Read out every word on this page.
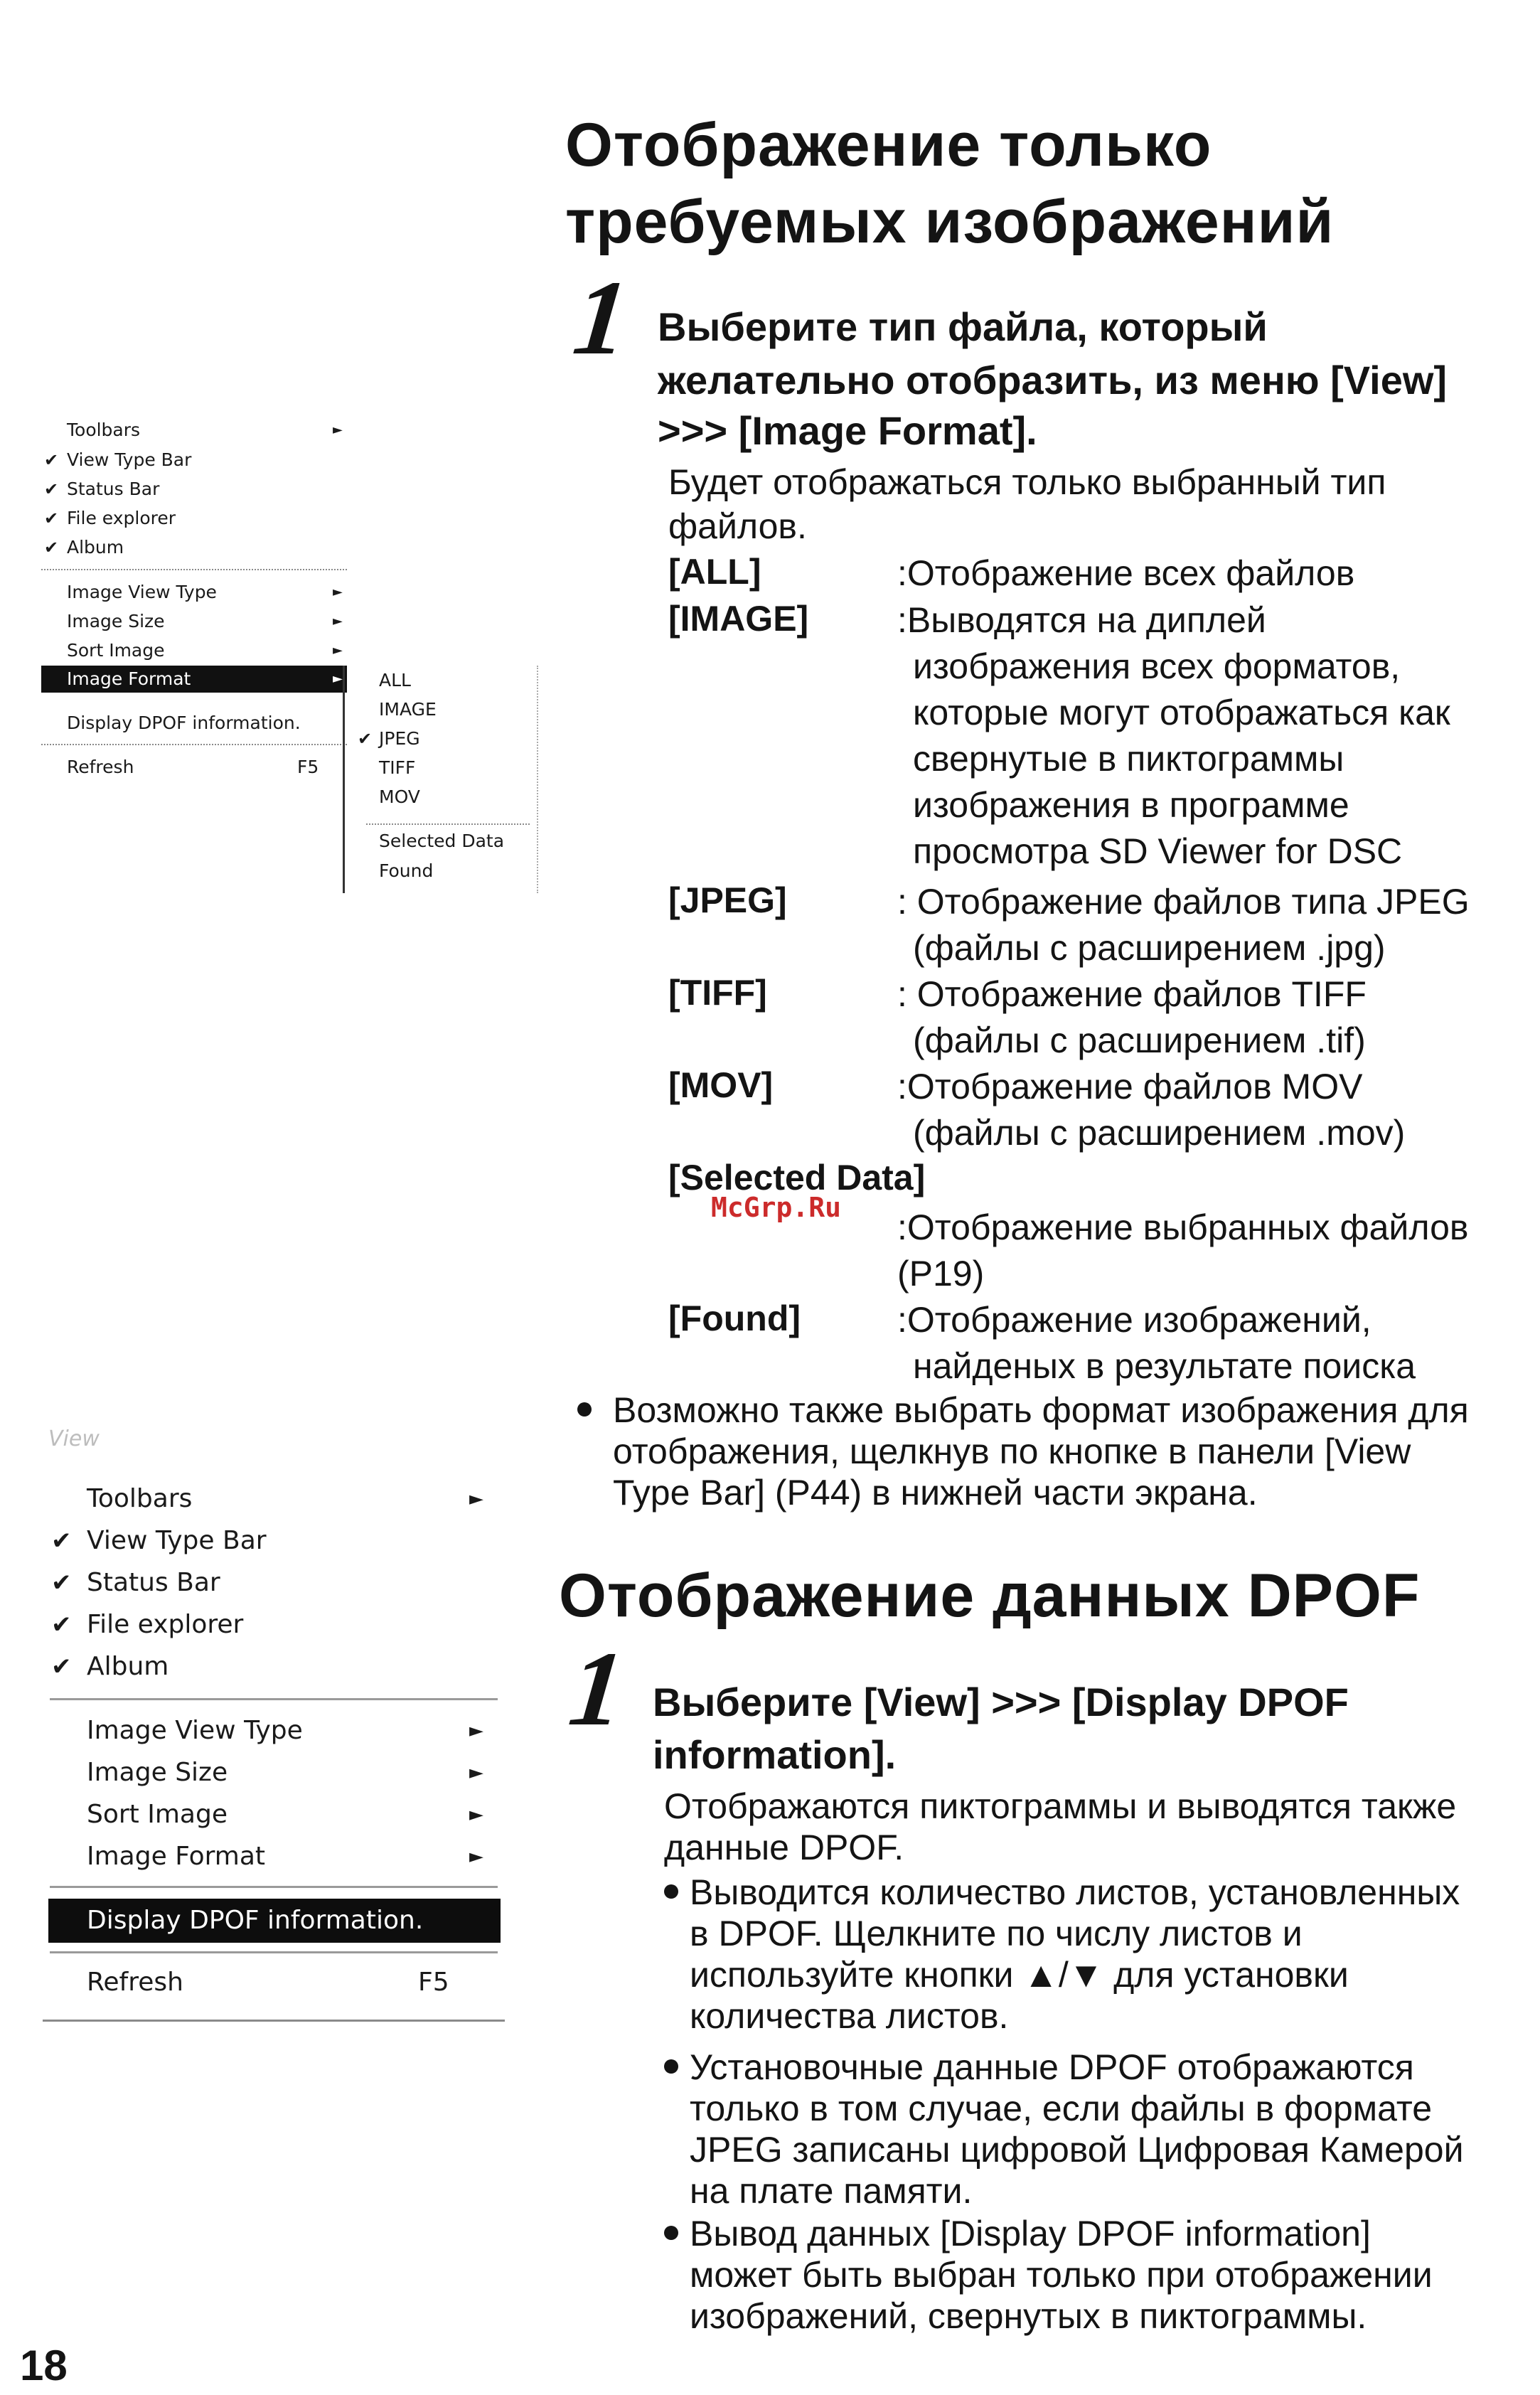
Отображение только
требуемых изображений
1 Выберите тип файла, который
желательно отобразить, из меню [View]
>>> [Image Format].
Будет отображаться только выбранный тип
файлов.
[ALL]	:Отображение всех файлов
[IMAGE] :Выводятся на диплей
изображения всех форматов,
которые могут отображаться как
свернутые в пиктограммы
изображения в программе
просмотра SD Viewer for DSC
[JPEG]	: Отображение файлов типа JPEG
(файлы с расширением .jpg)
[TIFF]	: Отображение файлов TIFF
(файлы с расширением .tif)
[MOV]	:Отображение файлов MOV
(файлы с расширением .mov)
[Selected Data]
McGrp.Ru :Отображение выбранных файлов
(P19)
[Found]	:Отображение изображений,
найденых в результате поиска
Возможно также выбрать формат изображения для
отображения, щелкнув по кнопке в панели [View
Type Bar] (P44) в нижней части экрана.
Отображение данных DPOF
1 Выберите [View] >>> [Display DPOF
information].
Отображаются пиктограммы и выводятся также
данные DPOF.
Выводится количество листов, установленных
в DPOF. Щелкните по числу листов и
используйте кнопки ▲/▼ для установки
количества листов.
Установочные данные DPOF отображаются
только в том случае, если файлы в формате
JPEG записаны цифровой Цифровая Камерой
на плате памяти.
Вывод данных [Display DPOF information]
может быть выбран только при отображении
изображений, свернутых в пиктограммы.
18
Toolbars	►
✔ View Type Bar
✔ Status Bar
✔ File explorer
✔ Album
Image View Type	►
Image Size	►
Sort Image	►
Image Format	►
Display DPOF information.
Refresh	F5
ALL
IMAGE
✔ JPEG
TIFF
MOV
Selected Data
Found
View
Toolbars	►
✔ View Type Bar
✔ Status Bar
✔ File explorer
✔ Album
Image View Type	►
Image Size	►
Sort Image	►
Image Format	►
Display DPOF information.
Refresh	F5
